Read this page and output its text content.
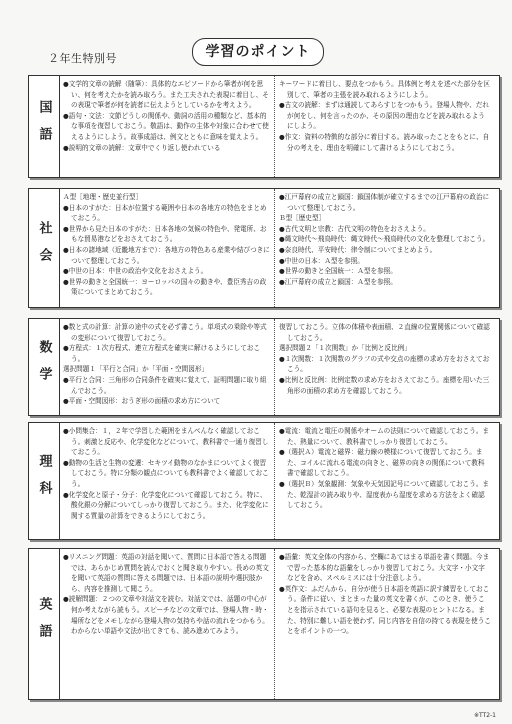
２年生特別号	学習のポイント
国語

●文学的文章の読解（随筆）：具体的なエピソードから筆者が何を思い、何を考えたかを読み取ろう。また工夫された表現に着目し、その表現で筆者が何を読者に伝えようとしているかを考えよう。

●語句・文法：文節どうしの関係や、動詞の活用の種類など、基本的な事項を復習しておこう。敬語は、動作の主体や対象に合わせて使えるようにしよう。故事成語は、例文とともに意味を覚えよう。

●説明的文章の読解：文章中でくり返し使われている

キーワードに着目し、要点をつかもう。具体例と考えを述べた部分を区別して、筆者の主張を読み取れるようにしよう。

●古文の読解：まずは通読してあらすじをつかもう。登場人物や、だれが何をし、何を言ったのか、その原因の理由などを読み取れるようにしよう。

●作文：資料の特徴的な部分に着目する。読み取ったことをもとに、自分の考えを、理由を明確にして書けるようにしておこう。

社会

Ａ型［地理・歴史並行型］

●日本のすがた：日本が位置する範囲や日本の各地方の特色をまとめておこう。

●世界から見た日本のすがた：日本各地の気候の特色や、発電所、おもな貿易港などをおさえておこう。

●日本の諸地域（近畿地方まで）：各地方の特色ある産業や結びつきについて整理しておこう。

●中世の日本：中世の政治や文化をおさえよう。

●世界の動きと全国統一：ヨーロッパの国々の動きや、豊臣秀吉の政策についてまとめておこう。

●江戸幕府の成立と鎖国：鎖国体制が確立するまでの江戸幕府の政治について整理しておこう。

Ｂ型［歴史型］

●古代文明と宗教：古代文明の特色をおさえよう。

●縄文時代～飛鳥時代：縄文時代～飛鳥時代の文化を整理しておこう。

●奈良時代、平安時代：律令制についてまとめよう。

●中世の日本：Ａ型を参照。

●世界の動きと全国統一：Ａ型を参照。

●江戸幕府の成立と鎖国：Ａ型を参照。

数学

●数と式の計算：計算の途中の式を必ず書こう。単項式の乗除や等式の変形について復習しておこう。

●方程式：１次方程式、連立方程式を確実に解けるようにしておこう。

選択問題１「平行と合同」か「平面・空間図形」

●平行と合同：三角形の合同条件を確実に覚えて、証明問題に取り組んでおこう。

●平面・空間図形：おうぎ形の面積の求め方について

復習しておこう。立体の体積や表面積、２直線の位置関係について確認しておこう。

選択問題２「１次関数」か「比例と反比例」

●１次関数：１次関数のグラフの式や交点の座標の求め方をおさえておこう。

●比例と反比例：比例定数の求め方をおさえておこう。座標を用いた三角形の面積の求め方を確認しておこう。

理科

●小問集合：１，２年で学習した範囲をまんべんなく確認しておこう。刺激と反応や、化学変化などについて、教科書で一通り復習しておこう。

●動物の生活と生物の変遷：セキツイ動物のなかまについてよく復習しておこう。特に分類の観点についても教科書でよく確認しておこう。

●化学変化と原子・分子：化学変化について確認しておこう。特に、酸化銀の分解についてしっかり復習しておこう。また、化学変化に関する質量の計算をできるようにしておこう。

●電流：電流と電圧の関係やオームの法則について確認しておこう。また、熱量について、教科書でしっかり復習しておこう。

●（選択Ａ）電流と磁界：磁力線の模様について復習しておこう。また、コイルに流れる電流の向きと、磁界の向きの関係について教科書で確認しておこう。

●（選択Ｂ）気象観測：気象や天気図記号について確認しておこう。また、乾湿計の読み取りや、湿度表から湿度を求める方法をよく確認しておこう。

英語

●リスニング問題：英語の対話を聞いて、質問に日本語で答える問題では、あらかじめ質問を読んでおくと聞き取りやすい。長めの英文を聞いて英語の質問に答える問題では、日本語の説明や選択肢から、内容を推測して聞こう。

●読解問題：２つの文章や対話文を読む。対話文では、話題の中心が何か考えながら読もう。スピーチなどの文章では、登場人物・時・場所などをメモしながら登場人物の気持ちや話の流れをつかもう。わからない単語や文法が出てきても、読み進めてみよう。

●語彙：英文全体の内容から、空欄にあてはまる単語を書く問題。今まで習った基本的な語彙をしっかり復習しておこう。大文字・小文字などを含め、スペルミスには十分注意しよう。

●英作文：ふだんから、自分が使う日本語を英語に訳す練習をしておこう。条件に従い、まとまった量の英文を書くが、このとき、使うことを指示されている語句を見ると、必要な表現のヒントになる。また、特別に難しい語を使わず、同じ内容を自信の持てる表現を使うことをポイントの一つ。

※TT2-1
